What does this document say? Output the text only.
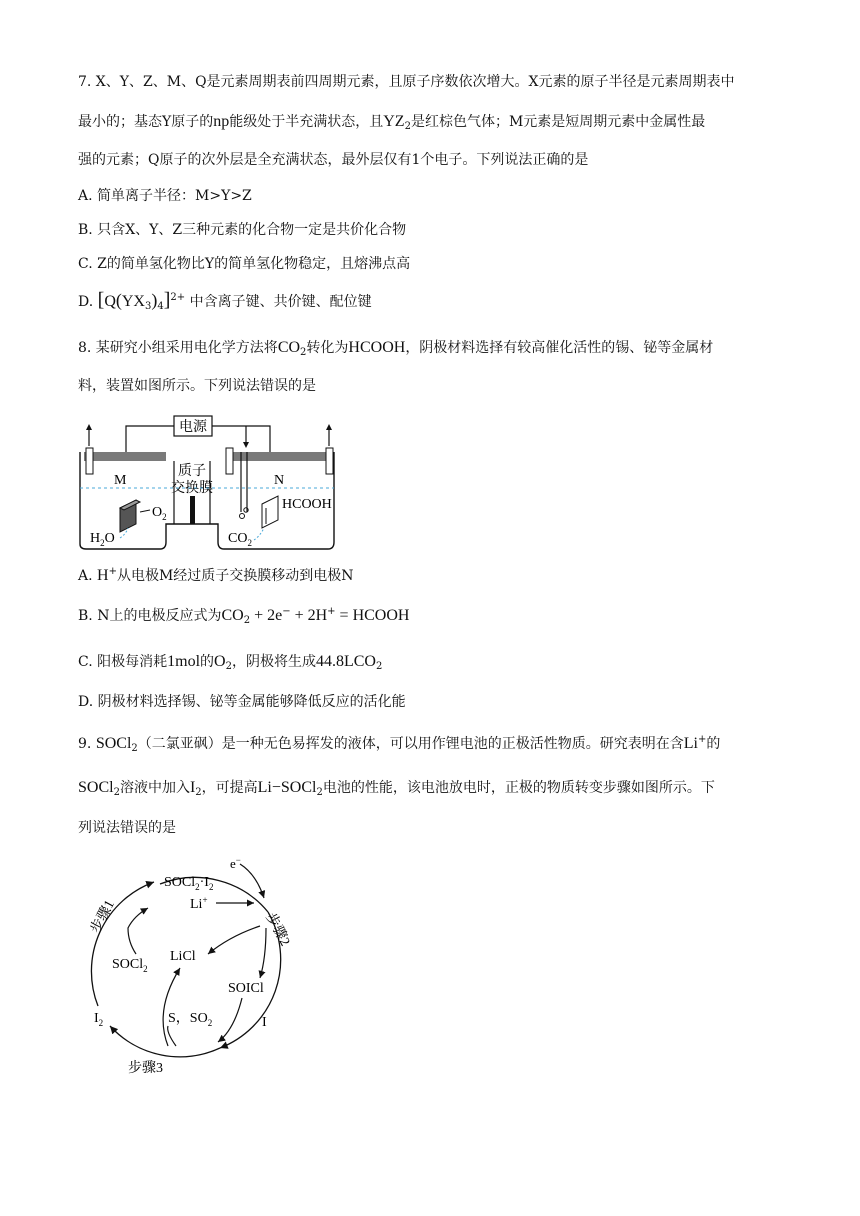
7. X、Y、Z、M、Q是元素周期表前四周期元素，且原子序数依次增大。X元素的原子半径是元素周期表中
最小的；基态Y原子的np能级处于半充满状态，且$YZ_2$是红棕色气体；M元素是短周期元素中金属性最
强的元素；Q原子的次外层是全充满状态，最外层仅有1个电子。下列说法正确的是
A. 简单离子半径：M>Y>Z
B. 只含X、Y、Z三种元素的化合物一定是共价化合物
C. Z的简单氢化物比Y的简单氢化物稳定，且熔沸点高
D. $[Q(YX_3)_4]^{2+}$ 中含离子键、共价键、配位键
8. 某研究小组采用电化学方法将$CO_2$转化为HCOOH，阴极材料选择有较高催化活性的锡、铋等金属材
料，装置如图所示。下列说法错误的是
电源
质子
交换膜
M
$O_2$
$H_2O$
N
HCOOH
$CO_2$
A. H+从电极M经过质子交换膜移动到电极N
B. N上的电极反应式为$CO_2 + 2e^- + 2H^+$ = HCOOH
C. 阳极每消耗1mol的$O_2$，阴极将生成$44.8LCO_2$
D. 阴极材料选择锡、铋等金属能够降低反应的活化能
9. SOCl$_2$（二氯亚砜）是一种无色易挥发的液体，可以用作锂电池的正极活性物质。研究表明在含Li+的
SOCl$_2$溶液中加入$I_2$，可提高Li−SOCl$_2$电池的性能，该电池放电时，正极的物质转变步骤如图所示。下
列说法错误的是
e−
$SOCl_2\cdot I_2$
Li+
步骤1	步骤2
步骤3
SOCl$_2$
LiCl
SOICl
S，$SO_2$
$I_2$	I
